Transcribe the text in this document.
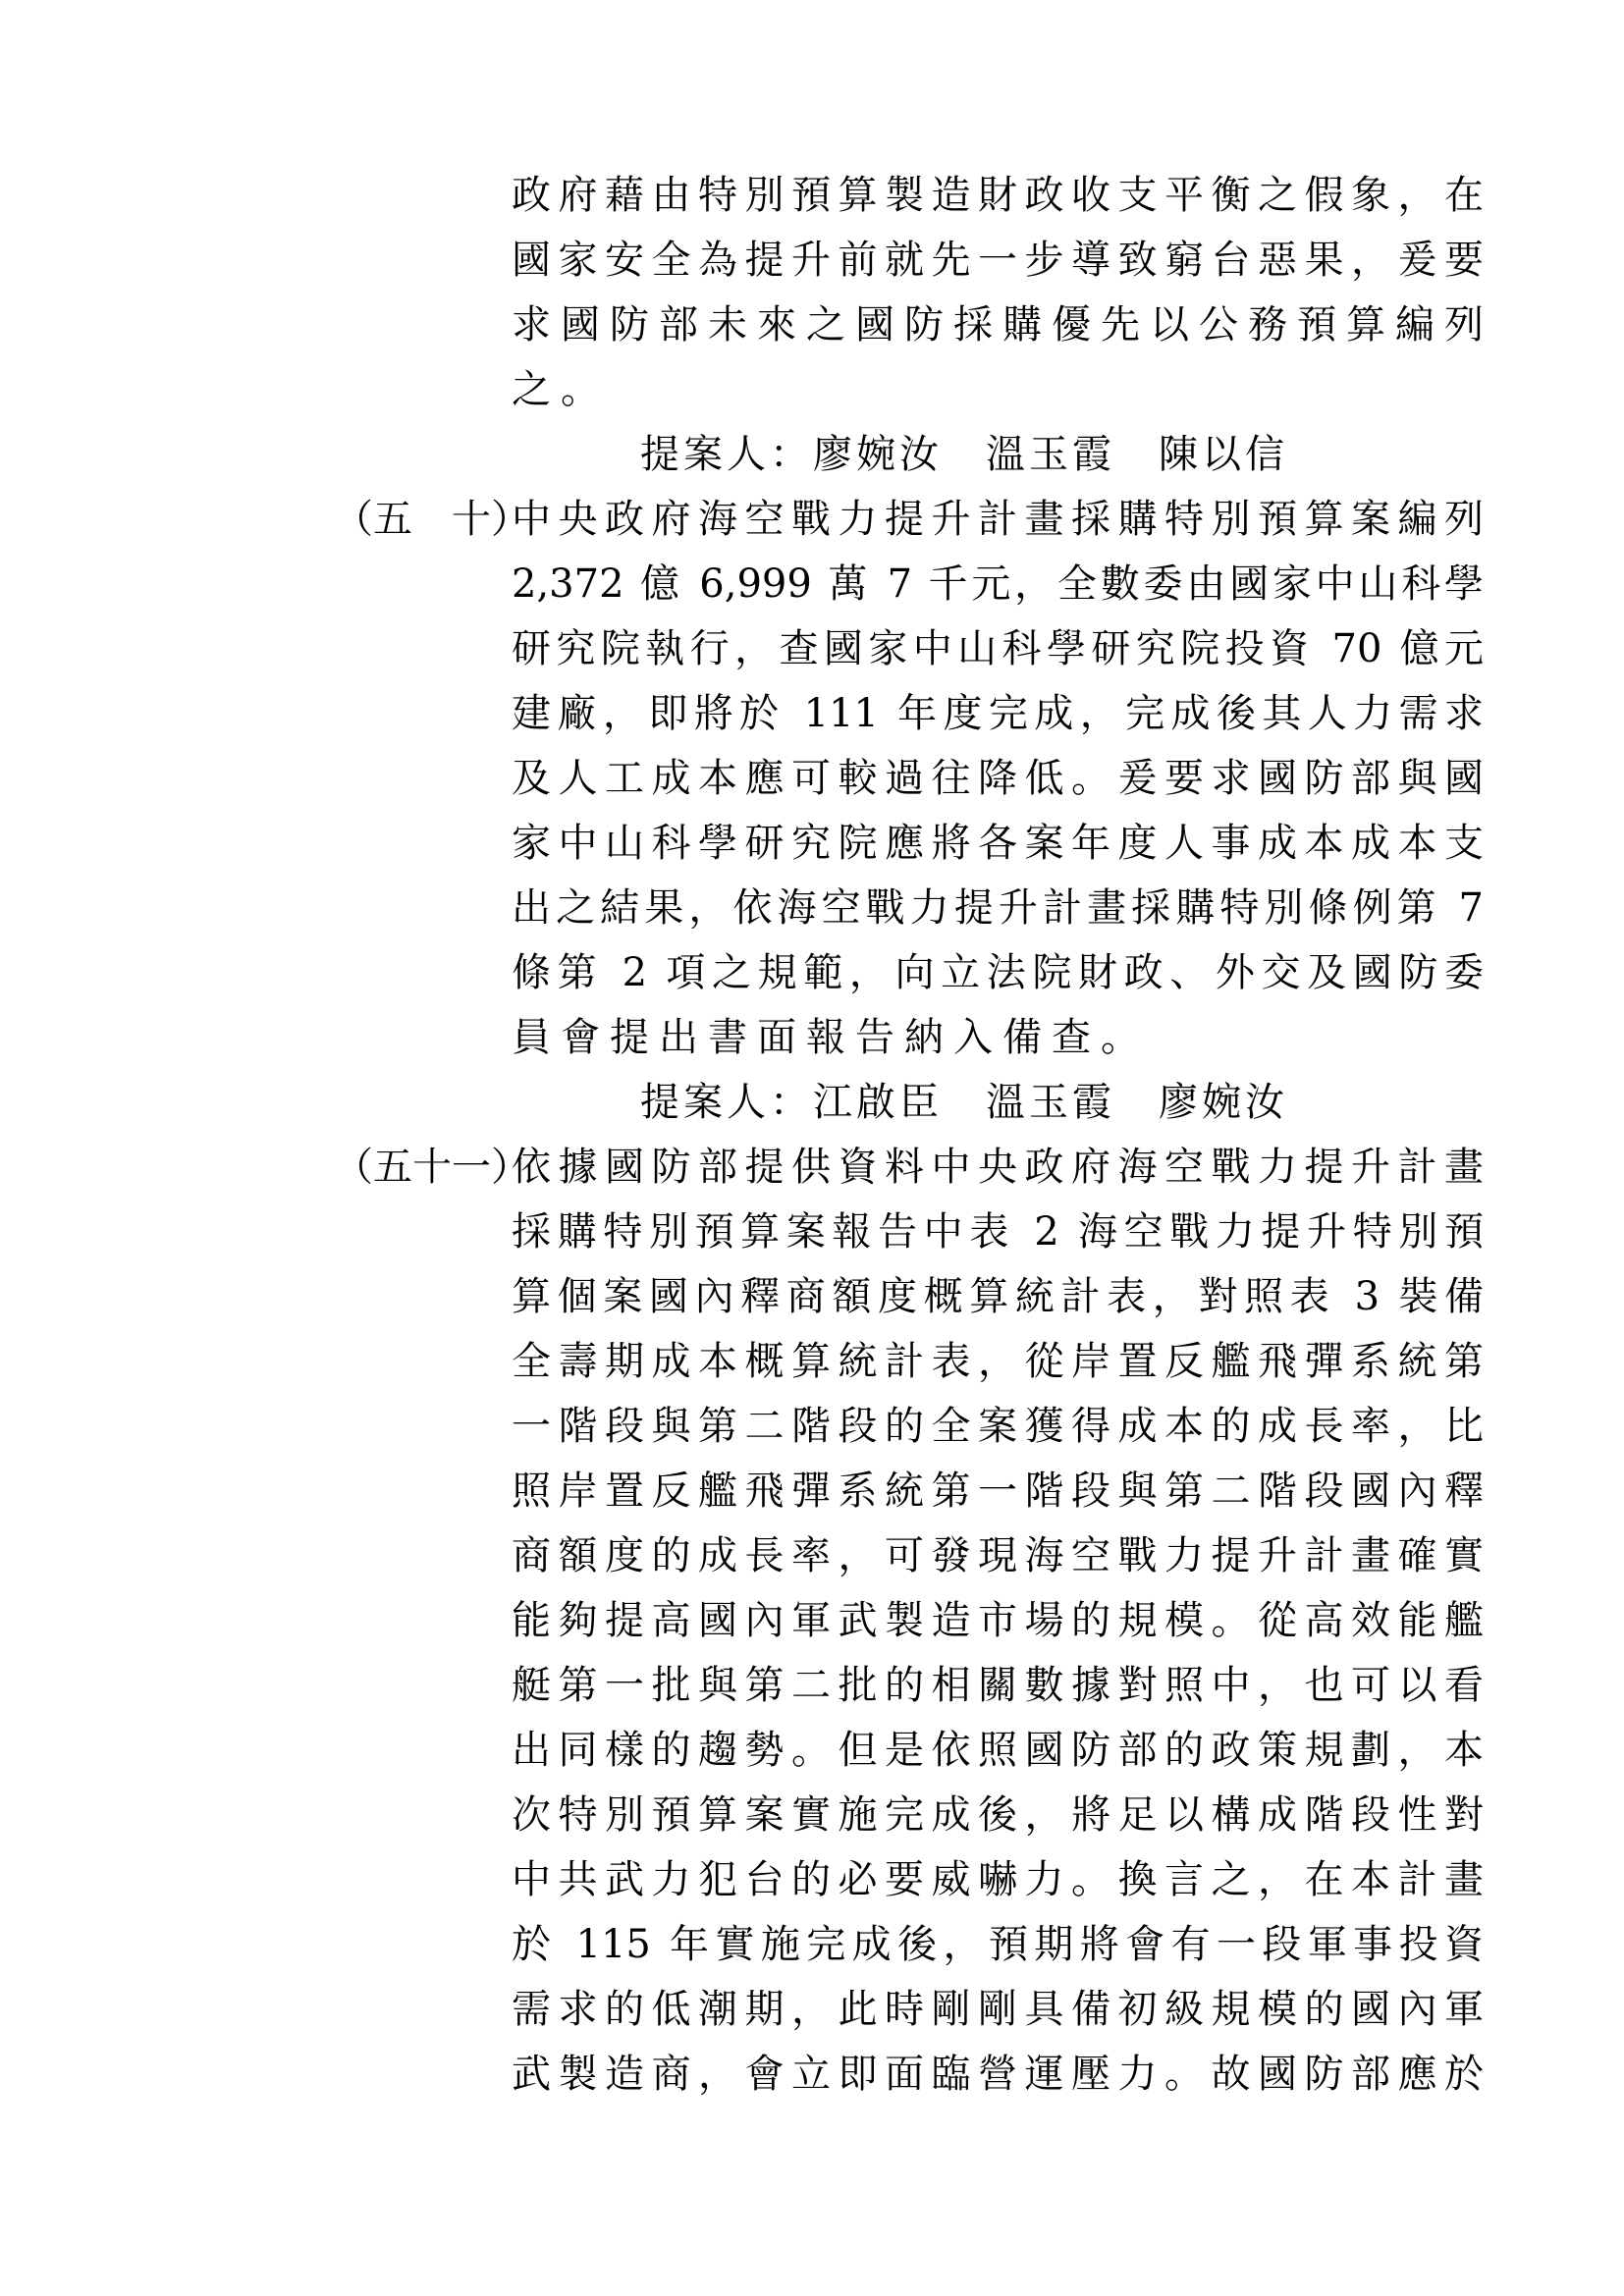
政府藉由特別預算製造財政收支平衡之假象，在
國家安全為提升前就先一步導致窮台惡果，爰要
求國防部未來之國防採購優先以公務預算編列
之。
提案人：廖婉汝　溫玉霞　陳以信
（五　十）
中央政府海空戰力提升計畫採購特別預算案編列
2,372 億 6,999 萬 7 千元，全數委由國家中山科學
研究院執行，查國家中山科學研究院投資 70 億元
建廠，即將於 111 年度完成，完成後其人力需求
及人工成本應可較過往降低。爰要求國防部與國
家中山科學研究院應將各案年度人事成本成本支
出之結果，依海空戰力提升計畫採購特別條例第 7
條第 2 項之規範，向立法院財政、外交及國防委
員會提出書面報告納入備查。
提案人：江啟臣　溫玉霞　廖婉汝
（五十一）
依據國防部提供資料中央政府海空戰力提升計畫
採購特別預算案報告中表 2 海空戰力提升特別預
算個案國內釋商額度概算統計表，對照表 3 裝備
全壽期成本概算統計表，從岸置反艦飛彈系統第
一階段與第二階段的全案獲得成本的成長率，比
照岸置反艦飛彈系統第一階段與第二階段國內釋
商額度的成長率，可發現海空戰力提升計畫確實
能夠提高國內軍武製造市場的規模。從高效能艦
艇第一批與第二批的相關數據對照中，也可以看
出同樣的趨勢。但是依照國防部的政策規劃，本
次特別預算案實施完成後，將足以構成階段性對
中共武力犯台的必要威嚇力。換言之，在本計畫
於 115 年實施完成後，預期將會有一段軍事投資
需求的低潮期，此時剛剛具備初級規模的國內軍
武製造商，會立即面臨營運壓力。故國防部應於
